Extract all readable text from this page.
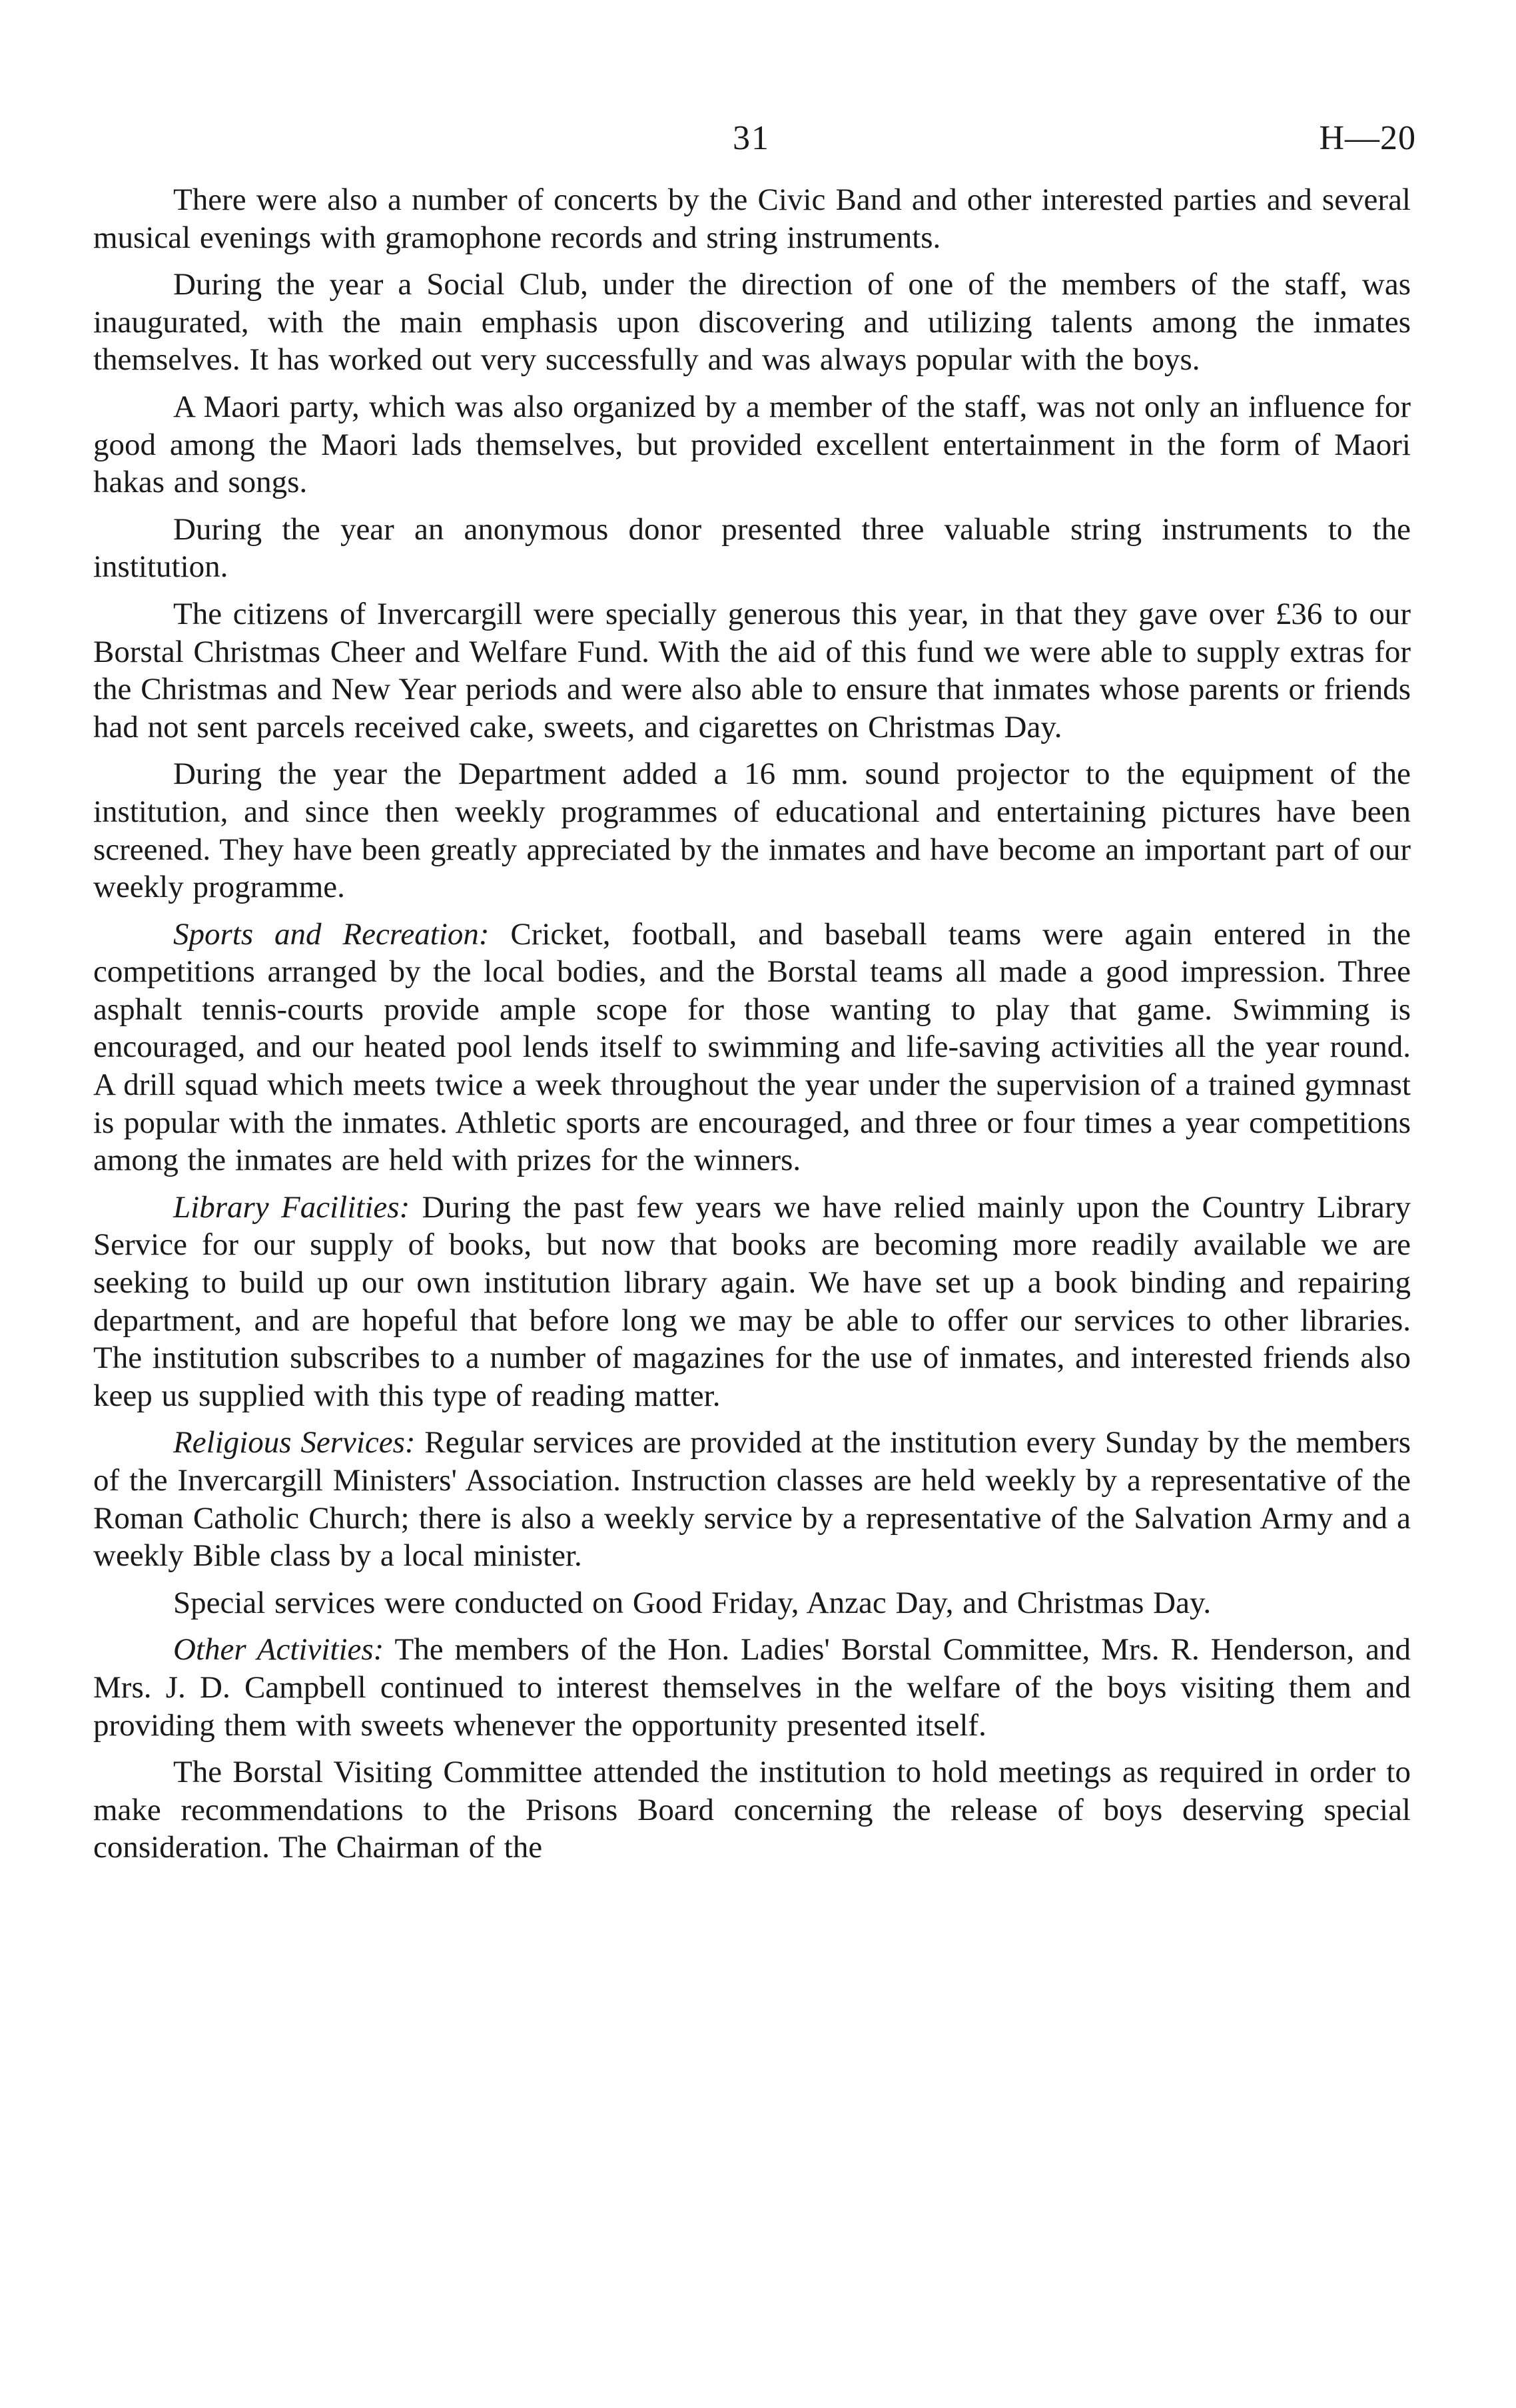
31	H—20

There were also a number of concerts by the Civic Band and other interested parties and several musical evenings with gramophone records and string instruments.

During the year a Social Club, under the direction of one of the members of the staff, was inaugurated, with the main emphasis upon discovering and utilizing talents among the inmates themselves. It has worked out very successfully and was always popular with the boys.

A Maori party, which was also organized by a member of the staff, was not only an influence for good among the Maori lads themselves, but provided excellent entertainment in the form of Maori hakas and songs.

During the year an anonymous donor presented three valuable string instruments to the institution.

The citizens of Invercargill were specially generous this year, in that they gave over £36 to our Borstal Christmas Cheer and Welfare Fund. With the aid of this fund we were able to supply extras for the Christmas and New Year periods and were also able to ensure that inmates whose parents or friends had not sent parcels received cake, sweets, and cigarettes on Christmas Day.

During the year the Department added a 16 mm. sound projector to the equipment of the institution, and since then weekly programmes of educational and entertaining pictures have been screened. They have been greatly appreciated by the inmates and have become an important part of our weekly programme.

Sports and Recreation: Cricket, football, and baseball teams were again entered in the competitions arranged by the local bodies, and the Borstal teams all made a good impression. Three asphalt tennis-courts provide ample scope for those wanting to play that game. Swimming is encouraged, and our heated pool lends itself to swimming and life-saving activities all the year round. A drill squad which meets twice a week throughout the year under the supervision of a trained gymnast is popular with the inmates. Athletic sports are encouraged, and three or four times a year competitions among the inmates are held with prizes for the winners.

Library Facilities: During the past few years we have relied mainly upon the Country Library Service for our supply of books, but now that books are becoming more readily available we are seeking to build up our own institution library again. We have set up a book binding and repairing department, and are hopeful that before long we may be able to offer our services to other libraries. The institution subscribes to a number of magazines for the use of inmates, and interested friends also keep us supplied with this type of reading matter.

Religious Services: Regular services are provided at the institution every Sunday by the members of the Invercargill Ministers' Association. Instruction classes are held weekly by a representative of the Roman Catholic Church; there is also a weekly service by a representative of the Salvation Army and a weekly Bible class by a local minister.

Special services were conducted on Good Friday, Anzac Day, and Christmas Day.

Other Activities: The members of the Hon. Ladies' Borstal Committee, Mrs. R. Henderson, and Mrs. J. D. Campbell continued to interest themselves in the welfare of the boys visiting them and providing them with sweets whenever the opportunity presented itself.

The Borstal Visiting Committee attended the institution to hold meetings as required in order to make recommendations to the Prisons Board concerning the release of boys deserving special consideration. The Chairman of the
